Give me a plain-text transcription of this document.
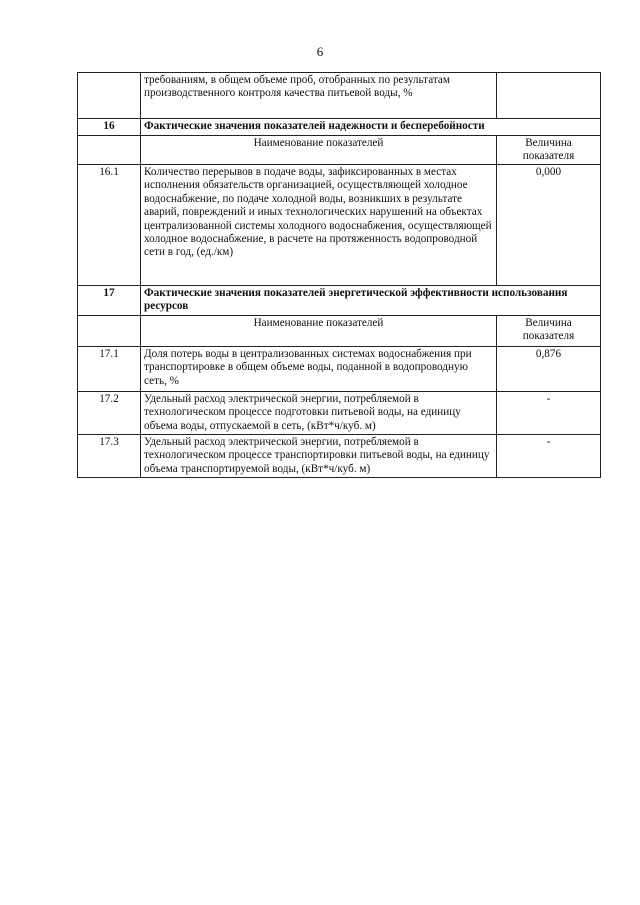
6
	требованиям, в общем объеме проб, отобранных по результатам производственного контроля качества питьевой воды, %	
16	Фактические значения показателей надежности и бесперебойности	
	Наименование показателей	Величина показателя
16.1	Количество перерывов в подаче воды, зафиксированных в местах исполнения обязательств организацией, осуществляющей холодное водоснабжение, по подаче холодной воды, возникших в результате аварий, повреждений и иных технологических нарушений на объектах централизованной системы холодного водоснабжения, осуществляющей холодное водоснабжение, в расчете на протяженность водопроводной сети в год, (ед./км)	0,000
17	Фактические значения показателей энергетической эффективности использования ресурсов	
	Наименование показателей	Величина показателя
17.1	Доля потерь воды в централизованных системах водоснабжения при транспортировке в общем объеме воды, поданной в водопроводную сеть, %	0,876
17.2	Удельный расход электрической энергии, потребляемой в технологическом процессе подготовки питьевой воды, на единицу объема воды, отпускаемой в сеть, (кВт*ч/куб. м)	-
17.3	Удельный расход электрической энергии, потребляемой в технологическом процессе транспортировки питьевой воды, на единицу объема транспортируемой воды, (кВт*ч/куб. м)	-
